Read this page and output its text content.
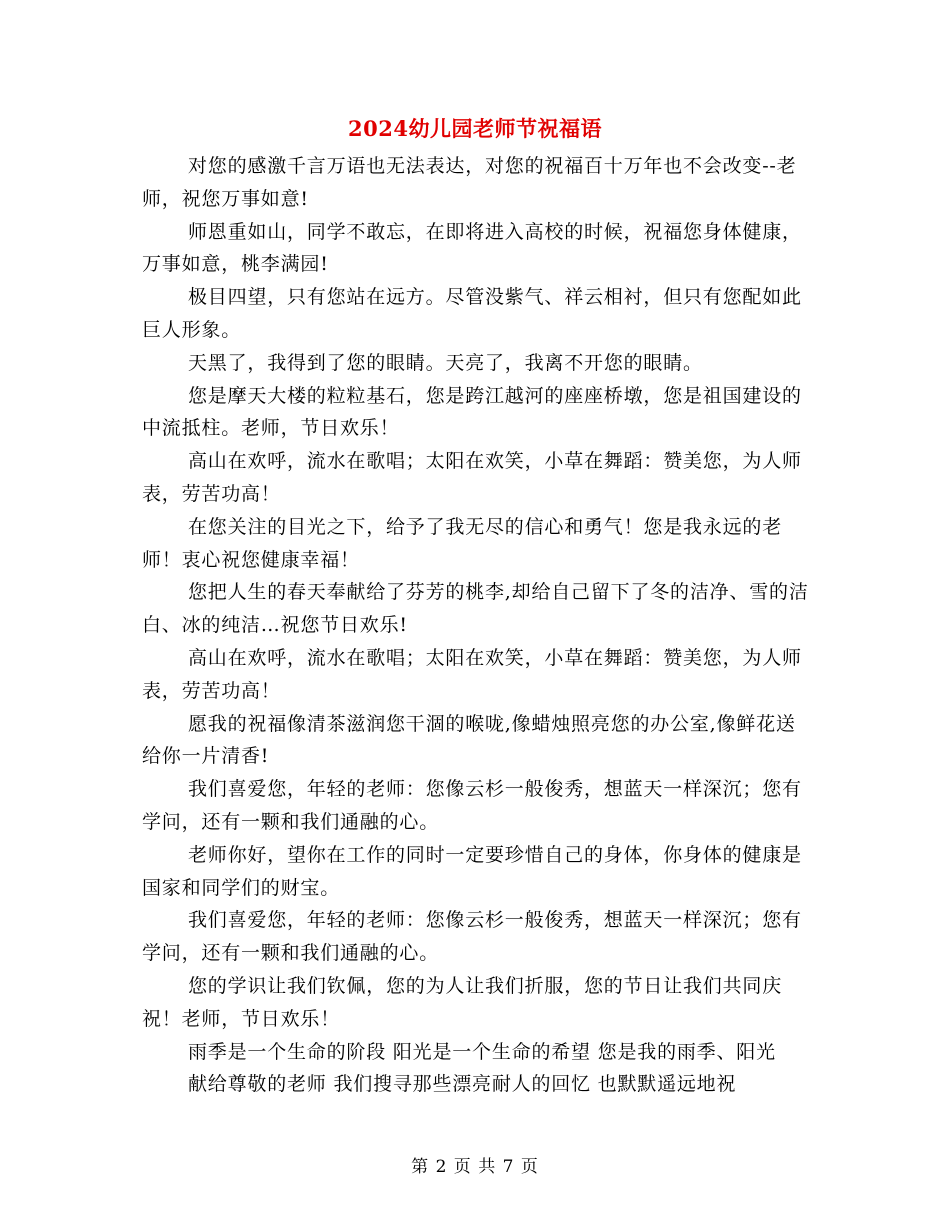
2024幼儿园老师节祝福语

对您的感激千言万语也无法表达，对您的祝福百十万年也不会改变--老师，祝您万事如意!

师恩重如山，同学不敢忘，在即将进入高校的时候，祝福您身体健康，万事如意，桃李满园!

极目四望，只有您站在远方。尽管没紫气、祥云相衬，但只有您配如此巨人形象。

天黑了，我得到了您的眼睛。天亮了，我离不开您的眼睛。

您是摩天大楼的粒粒基石，您是跨江越河的座座桥墩，您是祖国建设的中流抵柱。老师，节日欢乐！

高山在欢呼，流水在歌唱；太阳在欢笑，小草在舞蹈：赞美您，为人师表，劳苦功高！

在您关注的目光之下，给予了我无尽的信心和勇气！您是我永远的老师！衷心祝您健康幸福！

您把人生的春天奉献给了芬芳的桃李,却给自己留下了冬的洁净、雪的洁白、冰的纯洁…祝您节日欢乐!

高山在欢呼，流水在歌唱；太阳在欢笑，小草在舞蹈：赞美您，为人师表，劳苦功高！

愿我的祝福像清茶滋润您干涸的喉咙,像蜡烛照亮您的办公室,像鲜花送给你一片清香!

我们喜爱您，年轻的老师：您像云杉一般俊秀，想蓝天一样深沉；您有学问，还有一颗和我们通融的心。

老师你好，望你在工作的同时一定要珍惜自己的身体，你身体的健康是国家和同学们的财宝。

我们喜爱您，年轻的老师：您像云杉一般俊秀，想蓝天一样深沉；您有学问，还有一颗和我们通融的心。

您的学识让我们钦佩，您的为人让我们折服，您的节日让我们共同庆祝！老师，节日欢乐！

雨季是一个生命的阶段 阳光是一个生命的希望 您是我的雨季、阳光

献给尊敬的老师 我们搜寻那些漂亮耐人的回忆 也默默遥远地祝

第 2 页 共 7 页
